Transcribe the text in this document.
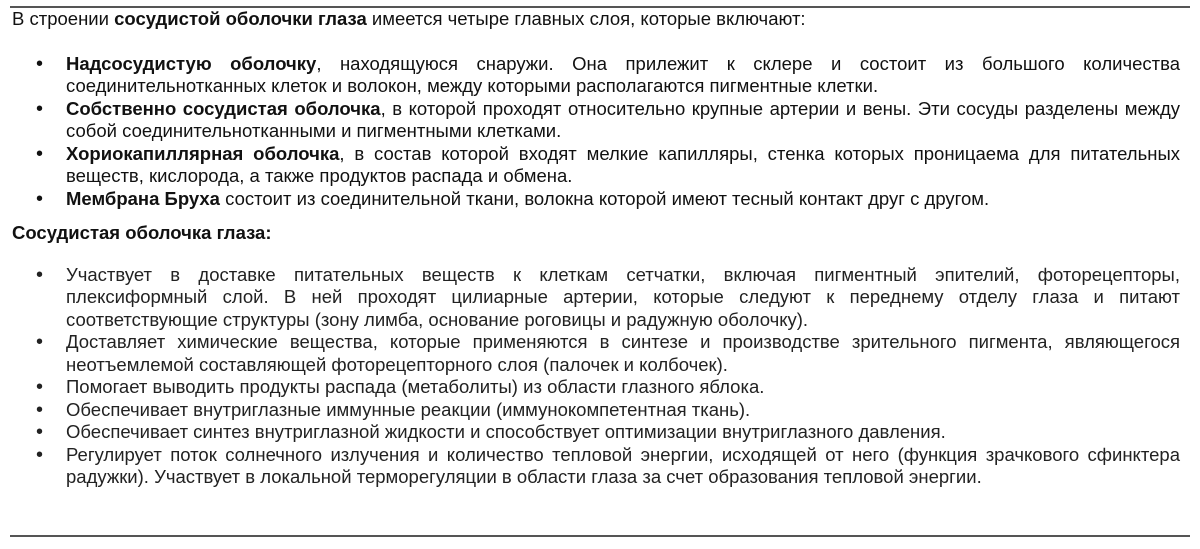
В строении сосудистой оболочки глаза имеется четыре главных слоя, которые включают:

• Надсосудистую оболочку, находящуюся снаружи. Она прилежит к склере и состоит из большого количества соединительнотканных клеток и волокон, между которыми располагаются пигментные клетки.
• Собственно сосудистая оболочка, в которой проходят относительно крупные артерии и вены. Эти сосуды разделены между собой соединительнотканными и пигментными клетками.
• Хориокапиллярная оболочка, в состав которой входят мелкие капилляры, стенка которых проницаема для питательных веществ, кислорода, а также продуктов распада и обмена.
• Мембрана Бруха состоит из соединительной ткани, волокна которой имеют тесный контакт друг с другом.

Сосудистая оболочка глаза:

• Участвует в доставке питательных веществ к клеткам сетчатки, включая пигментный эпителий, фоторецепторы, плексиформный слой. В ней проходят цилиарные артерии, которые следуют к переднему отделу глаза и питают соответствующие структуры (зону лимба, основание роговицы и радужную оболочку).
• Доставляет химические вещества, которые применяются в синтезе и производстве зрительного пигмента, являющегося неотъемлемой составляющей фоторецепторного слоя (палочек и колбочек).
• Помогает выводить продукты распада (метаболиты) из области глазного яблока.
• Обеспечивает внутриглазные иммунные реакции (иммунокомпетентная ткань).
• Обеспечивает синтез внутриглазной жидкости и способствует оптимизации внутриглазного давления.
• Регулирует поток солнечного излучения и количество тепловой энергии, исходящей от него (функция зрачкового сфинктера радужки). Участвует в локальной терморегуляции в области глаза за счет образования тепловой энергии.
